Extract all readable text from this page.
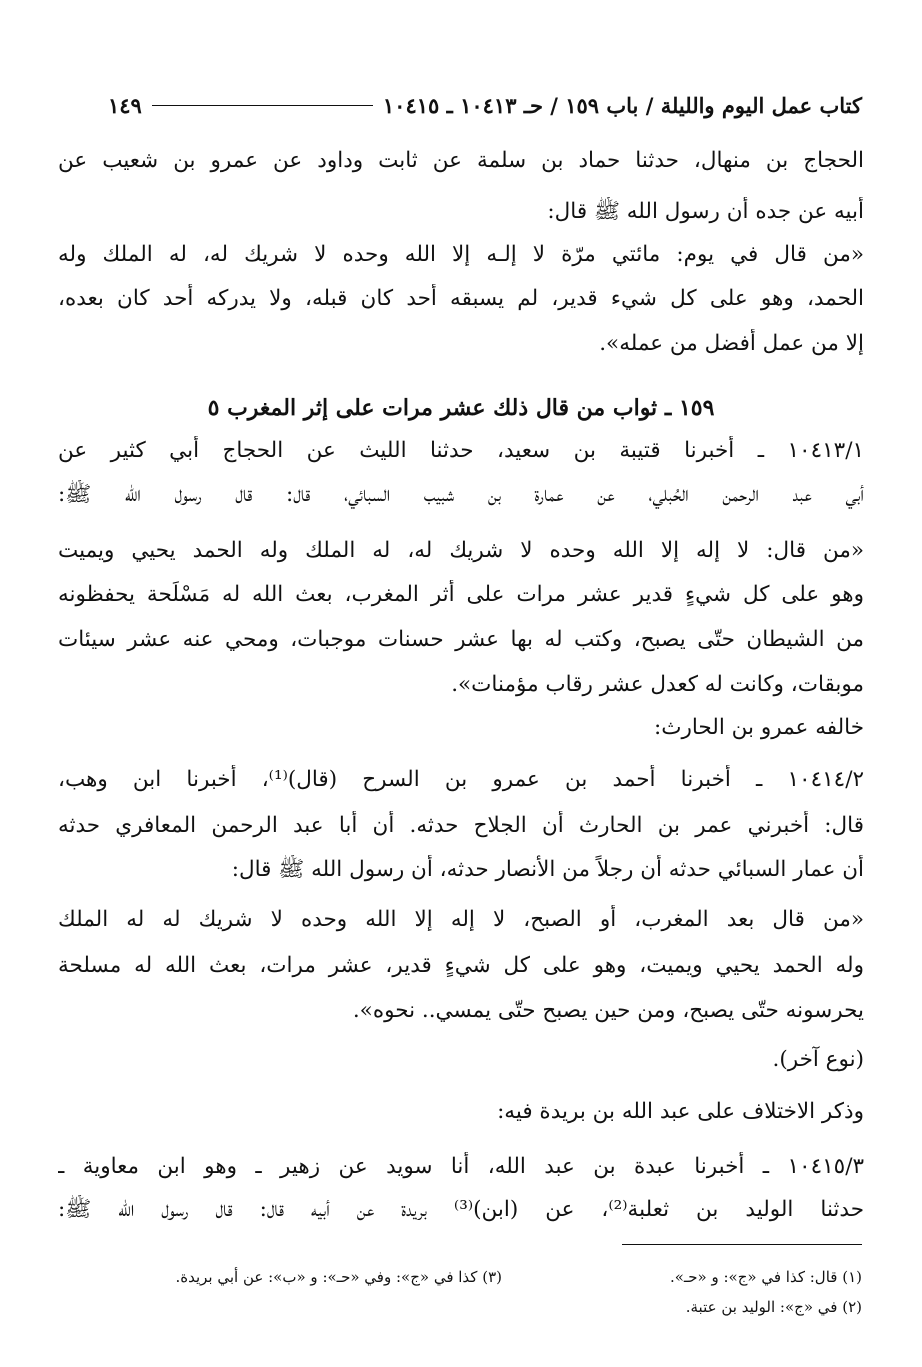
كتاب عمل اليوم والليلة / باب ١٥٩ / حـ ١٠٤١٣ ـ ١٠٤١٥
١٤٩
الحجاج بن منهال، حدثنا حماد بن سلمة عن ثابت وداود عن عمرو بن شعيب عن
أبيه عن جده أن رسول الله ﷺ قال:
«من قال في يوم: مائتي مرّة لا إلـه إلا الله وحده لا شريك له، له الملك وله
الحمد، وهو على كل شيء قدير، لم يسبقه أحد كان قبله، ولا يدركه أحد كان بعده،
إلا من عمل أفضل من عمله».
١٥٩ ـ ثواب من قال ذلك عشر مرات على إثر المغرب ٥
١٠٤١٣/١ ـ أخبرنا قتيبة بن سعيد، حدثنا الليث عن الحجاج أبي كثير عن
أبي عبد الرحمن الحُبلي، عن عمارة بن شبيب السبائي، قال: قال رسول الله ﷺ:
«من قال: لا إله إلا الله وحده لا شريك له، له الملك وله الحمد يحيي ويميت
وهو على كل شيءٍ قدير عشر مرات على أثر المغرب، بعث الله له مَسْلَحة يحفظونه
من الشيطان حتّى يصبح، وكتب له بها عشر حسنات موجبات، ومحي عنه عشر سيئات
موبقات، وكانت له كعدل عشر رقاب مؤمنات».
خالفه عمرو بن الحارث:
١٠٤١٤/٢ ـ أخبرنا أحمد بن عمرو بن السرح (قال)⁽¹⁾، أخبرنا ابن وهب،
قال: أخبرني عمر بن الحارث أن الجلاح حدثه. أن أبا عبد الرحمن المعافري حدثه
أن عمار السبائي حدثه أن رجلاً من الأنصار حدثه، أن رسول الله ﷺ قال:
«من قال بعد المغرب، أو الصبح، لا إله إلا الله وحده لا شريك له له الملك
وله الحمد يحيي ويميت، وهو على كل شيءٍ قدير، عشر مرات، بعث الله له مسلحة
يحرسونه حتّى يصبح، ومن حين يصبح حتّى يمسي.. نحوه».
(نوع آخر).
وذكر الاختلاف على عبد الله بن بريدة فيه:
١٠٤١٥/٣ ـ أخبرنا عبدة بن عبد الله، أنا سويد عن زهير ـ وهو ابن معاوية ـ
حدثنا الوليد بن ثعلبة⁽²⁾، عن (ابن)⁽³⁾ بريدة عن أبيه قال: قال رسول الله ﷺ:
(١) قال: كذا في «ج»: و «حـ».
(٣) كذا في «ج»: وفي «حـ»: و «ب»: عن أبي بريدة.
(٢) في «ج»: الوليد بن عتبة.
